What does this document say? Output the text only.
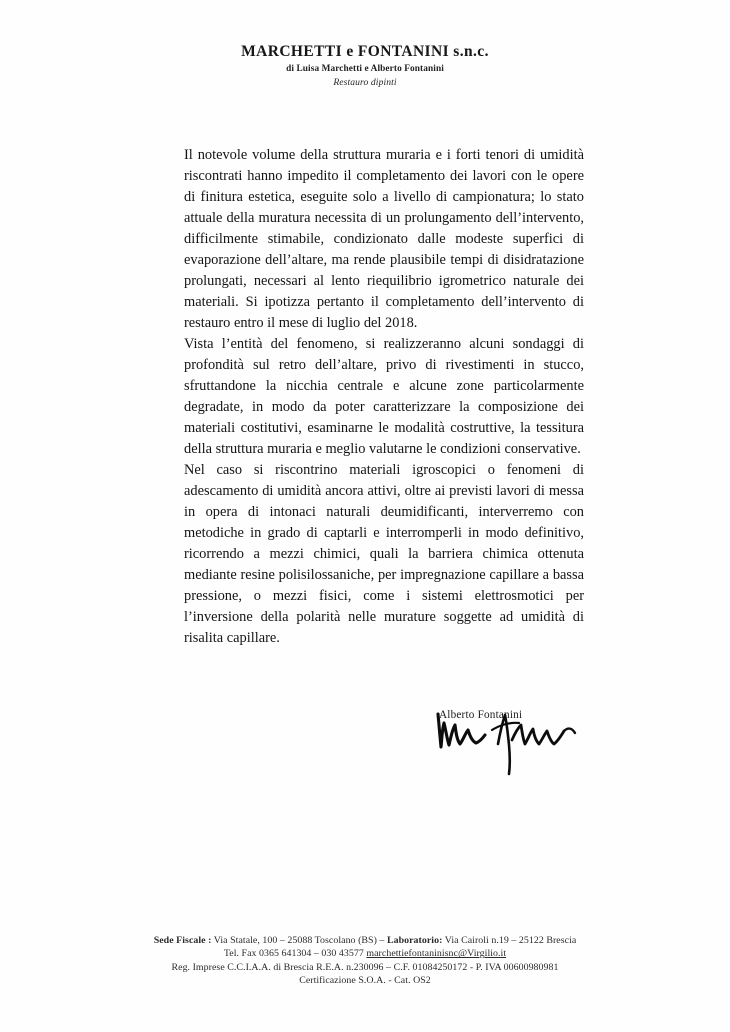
MARCHETTI e FONTANINI s.n.c.
di Luisa Marchetti e Alberto Fontanini
Restauro dipinti

Il notevole volume della struttura muraria e i forti tenori di umidità riscontrati hanno impedito il completamento dei lavori con le opere di finitura estetica, eseguite solo a livello di campionatura; lo stato attuale della muratura necessita di un prolungamento dell’intervento, difficilmente stimabile, condizionato dalle modeste superfici di evaporazione dell’altare, ma rende plausibile tempi di disidratazione prolungati, necessari al lento riequilibrio igrometrico naturale dei materiali. Si ipotizza pertanto il completamento dell’intervento di restauro entro il mese di luglio del 2018.

Vista l’entità del fenomeno, si realizzeranno alcuni sondaggi di profondità sul retro dell’altare, privo di rivestimenti in stucco, sfruttandone la nicchia centrale e alcune zone particolarmente degradate, in modo da poter caratterizzare la composizione dei materiali costitutivi, esaminarne le modalità costruttive, la tessitura della struttura muraria e meglio valutarne le condizioni conservative.

Nel caso si riscontrino materiali igroscopici o fenomeni di adescamento di umidità ancora attivi, oltre ai previsti lavori di messa in opera di intonaci naturali deumidificanti, interverremo con metodiche in grado di captarli e interromperli in modo definitivo, ricorrendo a mezzi chimici, quali la barriera chimica ottenuta mediante resine polisilossaniche, per impregnazione capillare a bassa pressione, o mezzi fisici, come i sistemi elettrosmotici per l’inversione della polarità nelle murature soggette ad umidità di risalita capillare.

Alberto Fontanini
Sede Fiscale : Via Statale, 100 – 25088 Toscolano (BS) – Laboratorio: Via Cairoli n.19 – 25122 Brescia
Tel. Fax 0365 641304 – 030 43577 marchettiefontaninisnc@Virgilio.it
Reg. Imprese C.C.I.A.A. di Brescia R.E.A. n.230096 – C.F. 01084250172 - P. IVA 00600980981
Certificazione S.O.A. - Cat. OS2
